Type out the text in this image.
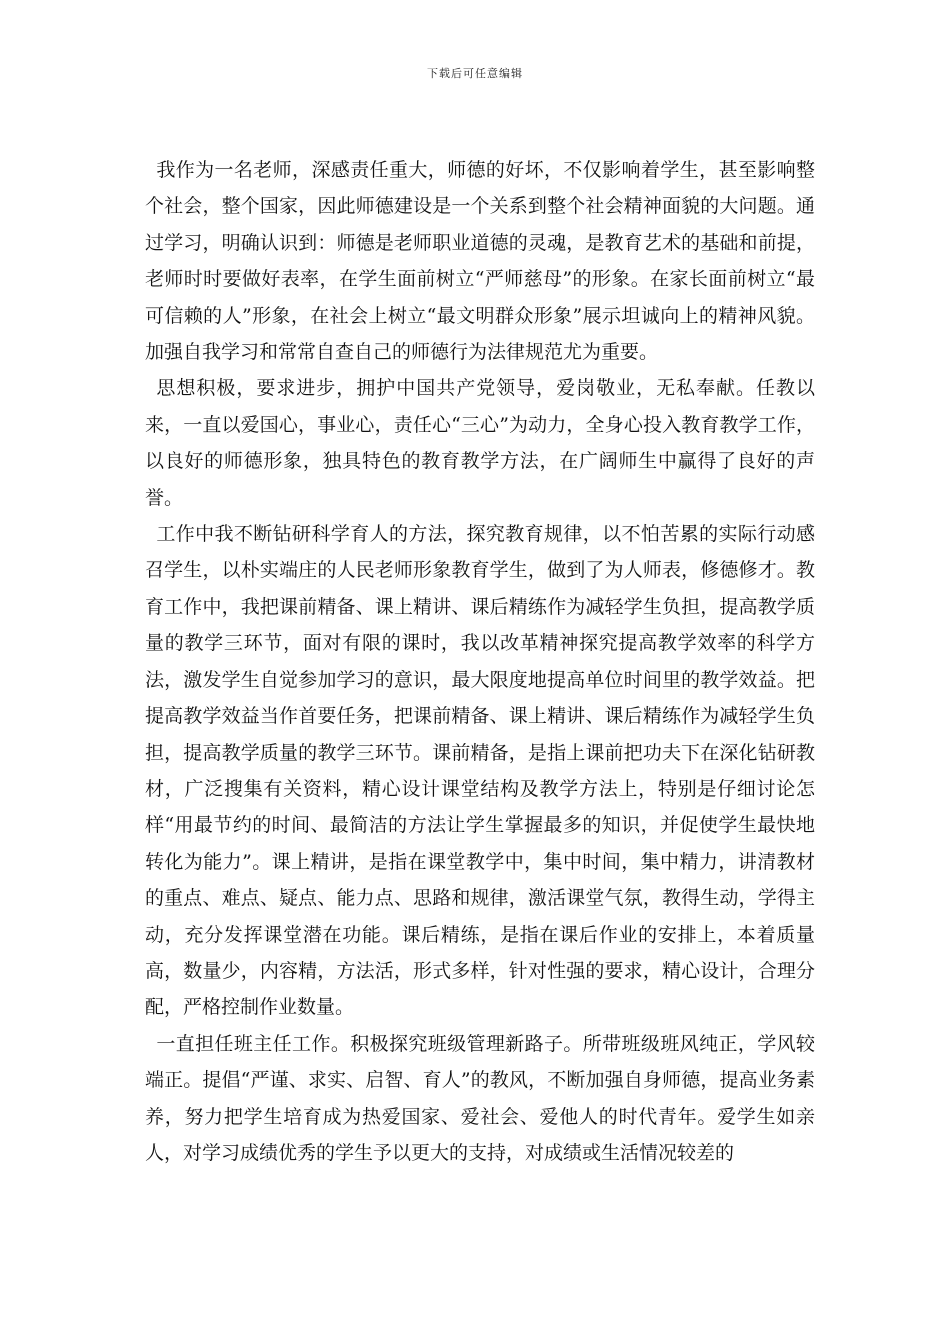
下载后可任意编辑

我作为一名老师，深感责任重大，师德的好坏，不仅影响着学生，甚至影响整个社会，整个国家，因此师德建设是一个关系到整个社会精神面貌的大问题。通过学习，明确认识到：师德是老师职业道德的灵魂，是教育艺术的基础和前提，老师时时要做好表率，在学生面前树立“严师慈母”的形象。在家长面前树立“最可信赖的人”形象，在社会上树立“最文明群众形象”展示坦诚向上的精神风貌。加强自我学习和常常自查自己的师德行为法律规范尤为重要。

思想积极，要求进步，拥护中国共产党领导，爱岗敬业，无私奉献。任教以来，一直以爱国心，事业心，责任心“三心”为动力，全身心投入教育教学工作，以良好的师德形象，独具特色的教育教学方法，在广阔师生中赢得了良好的声誉。

工作中我不断钻研科学育人的方法，探究教育规律，以不怕苦累的实际行动感召学生，以朴实端庄的人民老师形象教育学生，做到了为人师表，修德修才。教育工作中，我把课前精备、课上精讲、课后精练作为减轻学生负担，提高教学质量的教学三环节，面对有限的课时，我以改革精神探究提高教学效率的科学方法，激发学生自觉参加学习的意识，最大限度地提高单位时间里的教学效益。把提高教学效益当作首要任务，把课前精备、课上精讲、课后精练作为减轻学生负担，提高教学质量的教学三环节。课前精备，是指上课前把功夫下在深化钻研教材，广泛搜集有关资料，精心设计课堂结构及教学方法上，特别是仔细讨论怎样“用最节约的时间、最简洁的方法让学生掌握最多的知识，并促使学生最快地转化为能力”。课上精讲，是指在课堂教学中，集中时间，集中精力，讲清教材的重点、难点、疑点、能力点、思路和规律，激活课堂气氛，教得生动，学得主动，充分发挥课堂潜在功能。课后精练，是指在课后作业的安排上，本着质量高，数量少，内容精，方法活，形式多样，针对性强的要求，精心设计，合理分配，严格控制作业数量。

一直担任班主任工作。积极探究班级管理新路子。所带班级班风纯正，学风较端正。提倡“严谨、求实、启智、育人”的教风，不断加强自身师德，提高业务素养，努力把学生培育成为热爱国家、爱社会、爱他人的时代青年。爱学生如亲人，对学习成绩优秀的学生予以更大的支持，对成绩或生活情况较差的
